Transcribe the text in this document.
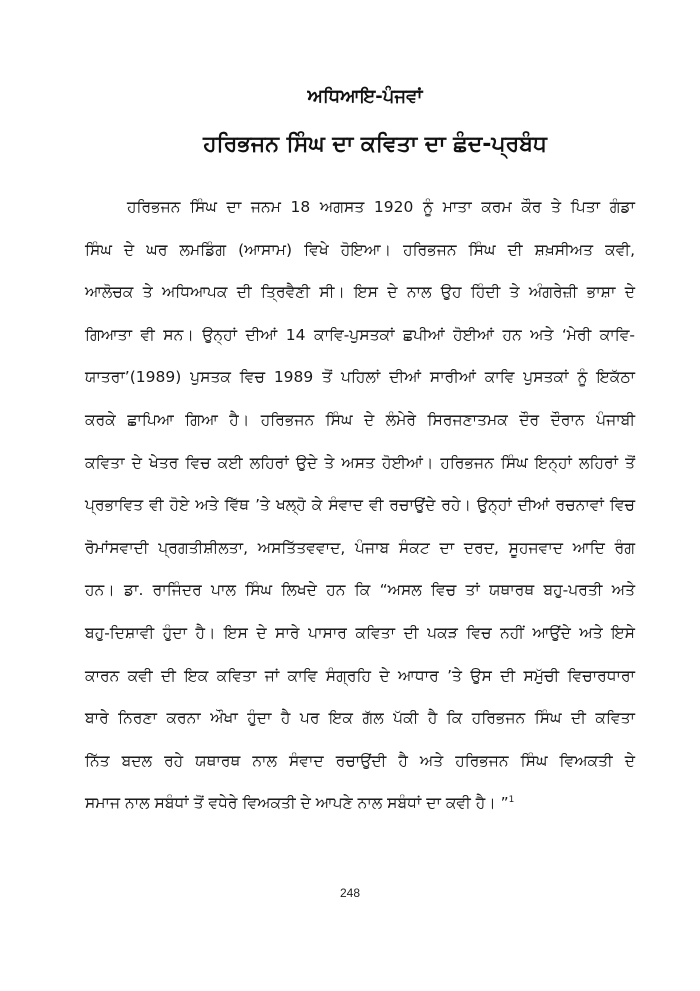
ਅਧਿਆਇ-ਪੰਜਵਾਂ
ਹਰਿਭਜਨ ਸਿੰਘ ਦਾ ਕਵਿਤਾ ਦਾ ਛੰਦ-ਪ੍ਰਬੰਧ
ਹਰਿਭਜਨ ਸਿੰਘ ਦਾ ਜਨਮ 18 ਅਗਸਤ 1920 ਨੂੰ ਮਾਤਾ ਕਰਮ ਕੌਰ ਤੇ ਪਿਤਾ ਗੰਡਾ
ਸਿੰਘ ਦੇ ਘਰ ਲਮਡਿੰਗ (ਆਸਾਮ) ਵਿਖੇ ਹੋਇਆ। ਹਰਿਭਜਨ ਸਿੰਘ ਦੀ ਸ਼ਖ਼ਸੀਅਤ ਕਵੀ,
ਆਲੋਚਕ ਤੇ ਅਧਿਆਪਕ ਦੀ ਤ੍ਰਿਵੈਣੀ ਸੀ। ਇਸ ਦੇ ਨਾਲ ਉਹ ਹਿੰਦੀ ਤੇ ਅੰਗਰੇਜ਼ੀ ਭਾਸ਼ਾ ਦੇ
ਗਿਆਤਾ ਵੀ ਸਨ। ਉਨ੍ਹਾਂ ਦੀਆਂ 14 ਕਾਵਿ-ਪੁਸਤਕਾਂ ਛਪੀਆਂ ਹੋਈਆਂ ਹਨ ਅਤੇ ‘ਮੇਰੀ ਕਾਵਿ-
ਯਾਤਰਾ’(1989) ਪੁਸਤਕ ਵਿਚ 1989 ਤੋਂ ਪਹਿਲਾਂ ਦੀਆਂ ਸਾਰੀਆਂ ਕਾਵਿ ਪੁਸਤਕਾਂ ਨੂੰ ਇਕੱਠਾ
ਕਰਕੇ ਛਾਪਿਆ ਗਿਆ ਹੈ। ਹਰਿਭਜਨ ਸਿੰਘ ਦੇ ਲੰਮੇਰੇ ਸਿਰਜਣਾਤਮਕ ਦੌਰ ਦੌਰਾਨ ਪੰਜਾਬੀ
ਕਵਿਤਾ ਦੇ ਖੇਤਰ ਵਿਚ ਕਈ ਲਹਿਰਾਂ ਉਦੇ ਤੇ ਅਸਤ ਹੋਈਆਂ। ਹਰਿਭਜਨ ਸਿੰਘ ਇਨ੍ਹਾਂ ਲਹਿਰਾਂ ਤੋਂ
ਪ੍ਰਭਾਵਿਤ ਵੀ ਹੋਏ ਅਤੇ ਵਿੱਥ ’ਤੇ ਖਲ੍ਹੋ ਕੇ ਸੰਵਾਦ ਵੀ ਰਚਾਉਂਦੇ ਰਹੇ। ਉਨ੍ਹਾਂ ਦੀਆਂ ਰਚਨਾਵਾਂ ਵਿਚ
ਰੋਮਾਂਸਵਾਦੀ ਪ੍ਰਗਤੀਸ਼ੀਲਤਾ, ਅਸਤਿੱਤਵਵਾਦ, ਪੰਜਾਬ ਸੰਕਟ ਦਾ ਦਰਦ, ਸੂਹਜਵਾਦ ਆਦਿ ਰੰਗ
ਹਨ। ਡਾ. ਰਾਜਿੰਦਰ ਪਾਲ ਸਿੰਘ ਲਿਖਦੇ ਹਨ ਕਿ “ਅਸਲ ਵਿਚ ਤਾਂ ਯਥਾਰਥ ਬਹੁ-ਪਰਤੀ ਅਤੇ
ਬਹੁ-ਦਿਸ਼ਾਵੀ ਹੁੰਦਾ ਹੈ। ਇਸ ਦੇ ਸਾਰੇ ਪਾਸਾਰ ਕਵਿਤਾ ਦੀ ਪਕੜ ਵਿਚ ਨਹੀਂ ਆਉਂਦੇ ਅਤੇ ਇਸੇ
ਕਾਰਨ ਕਵੀ ਦੀ ਇਕ ਕਵਿਤਾ ਜਾਂ ਕਾਵਿ ਸੰਗ੍ਰਹਿ ਦੇ ਆਧਾਰ ’ਤੇ ਉਸ ਦੀ ਸਮੁੱਚੀ ਵਿਚਾਰਧਾਰਾ
ਬਾਰੇ ਨਿਰਣਾ ਕਰਨਾ ਔਖਾ ਹੁੰਦਾ ਹੈ ਪਰ ਇਕ ਗੱਲ ਪੱਕੀ ਹੈ ਕਿ ਹਰਿਭਜਨ ਸਿੰਘ ਦੀ ਕਵਿਤਾ
ਨਿੱਤ ਬਦਲ ਰਹੇ ਯਥਾਰਥ ਨਾਲ ਸੰਵਾਦ ਰਚਾਉਂਦੀ ਹੈ ਅਤੇ ਹਰਿਭਜਨ ਸਿੰਘ ਵਿਅਕਤੀ ਦੇ
ਸਮਾਜ ਨਾਲ ਸਬੰਧਾਂ ਤੋਂ ਵਧੇਰੇ ਵਿਅਕਤੀ ਦੇ ਆਪਣੇ ਨਾਲ ਸਬੰਧਾਂ ਦਾ ਕਵੀ ਹੈ। ”$^1$
248
